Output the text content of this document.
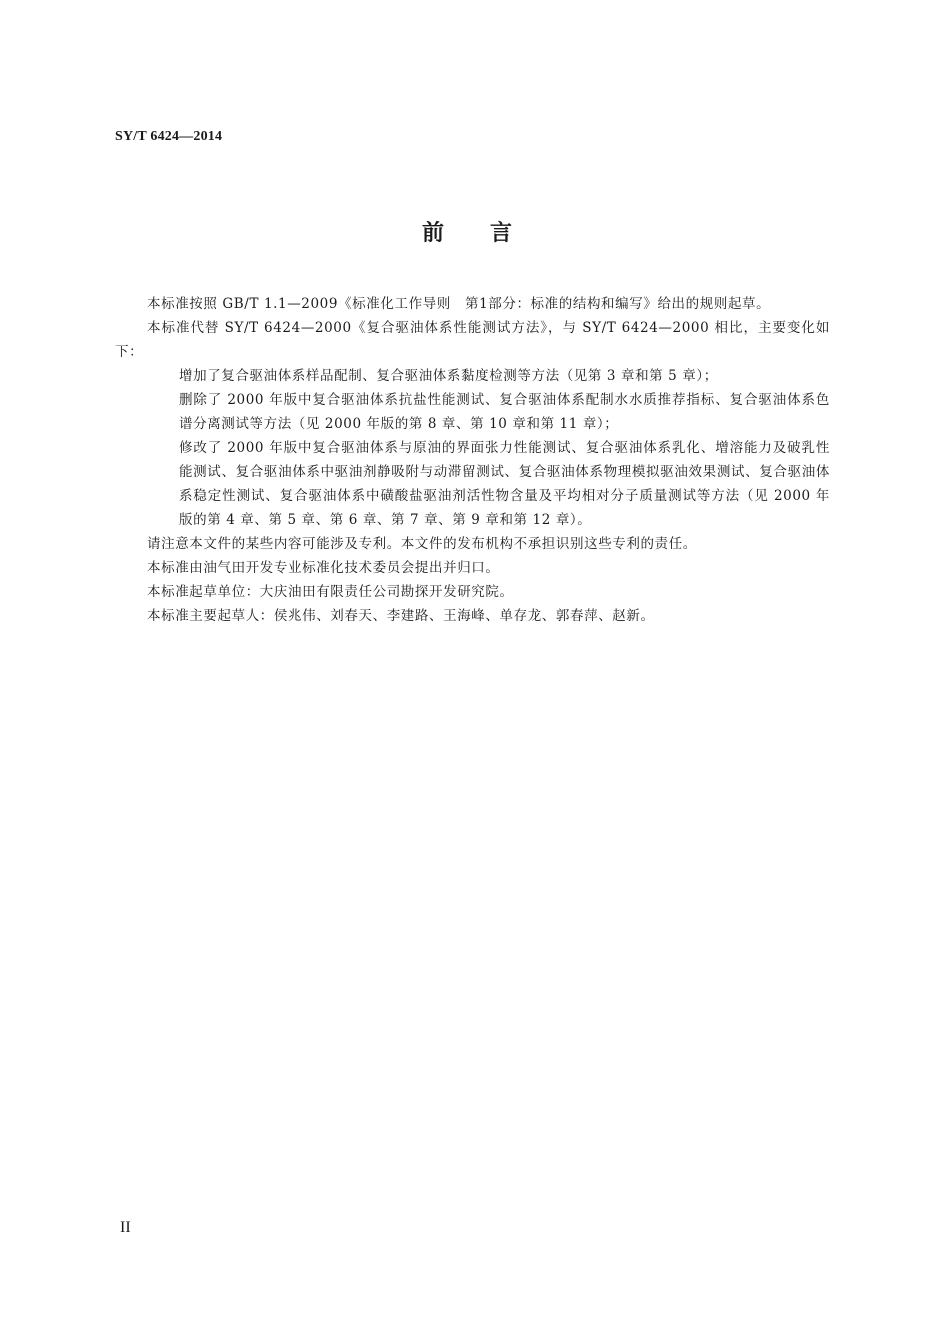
SY/T 6424—2014
前言

本标准按照 GB/T 1.1—2009《标准化工作导则　第1部分：标准的结构和编写》给出的规则起草。

本标准代替 SY/T 6424—2000《复合驱油体系性能测试方法》，与 SY/T 6424—2000 相比，主要变化如下：

增加了复合驱油体系样品配制、复合驱油体系黏度检测等方法（见第 3 章和第 5 章）；

删除了 2000 年版中复合驱油体系抗盐性能测试、复合驱油体系配制水水质推荐指标、复合驱油体系色谱分离测试等方法（见 2000 年版的第 8 章、第 10 章和第 11 章）；

修改了 2000 年版中复合驱油体系与原油的界面张力性能测试、复合驱油体系乳化、增溶能力及破乳性能测试、复合驱油体系中驱油剂静吸附与动滞留测试、复合驱油体系物理模拟驱油效果测试、复合驱油体系稳定性测试、复合驱油体系中磺酸盐驱油剂活性物含量及平均相对分子质量测试等方法（见 2000 年版的第 4 章、第 5 章、第 6 章、第 7 章、第 9 章和第 12 章）。

请注意本文件的某些内容可能涉及专利。本文件的发布机构不承担识别这些专利的责任。

本标准由油气田开发专业标准化技术委员会提出并归口。

本标准起草单位：大庆油田有限责任公司勘探开发研究院。

本标准主要起草人：侯兆伟、刘春天、李建路、王海峰、单存龙、郭春萍、赵新。

II
